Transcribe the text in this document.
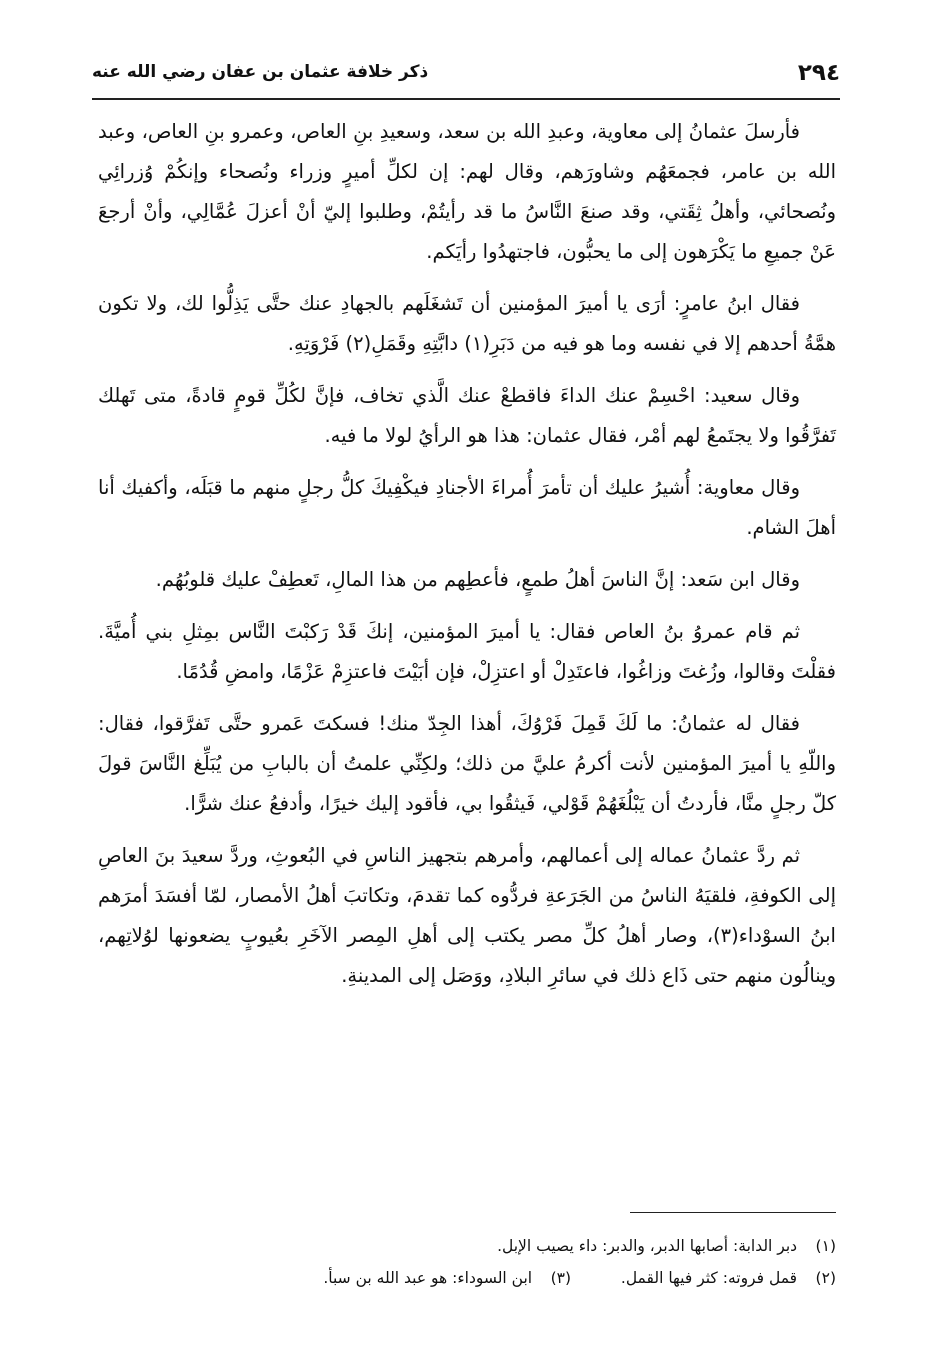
٢٩٤
ذكر خلافة عثمان بن عفان رضي الله عنه

فأرسلَ عثمانُ إلى معاوية، وعبدِ الله بن سعد، وسعيدِ بنِ العاص، وعمرو بنِ العاص، وعبد الله بن عامر، فجمعَهُم وشاورَهم، وقال لهم: إن لكلِّ أميرٍ وزراء ونُصحاء وإنكُمْ وُزرائِي ونُصحائي، وأهلُ ثِقَتي، وقد صنعَ النَّاسُ ما قد رأيتُمْ، وطلبوا إليّ أنْ أعزلَ عُمَّالِي، وأنْ أرجعَ عَنْ جميعِ ما يَكْرَهون إلى ما يحبُّون، فاجتهدُوا رأيَكم.

فقال ابنُ عامرٍ: أرَى يا أميرَ المؤمنين أن تَشغَلَهم بالجهادِ عنك حتَّى يَذِلُّوا لك، ولا تكون همَّةُ أحدهم إلا في نفسه وما هو فيه من دَبَرِ(١) دابَّتِهِ وقَمَلِ(٢) فَرْوَتِهِ.

وقال سعيد: احْسِمْ عنك الداءَ فاقطعْ عنك الَّذي تخاف، فإنَّ لكُلِّ قومٍ قادةً، متى تَهلك تَفرَّقُوا ولا يجتَمعُ لهم أمْر، فقال عثمان: هذا هو الرأيُ لولا ما فيه.

وقال معاوية: أُشيرُ عليك أن تأمرَ أُمراءَ الأجنادِ فيكْفِيكَ كلُّ رجلٍ منهم ما قبَلَه، وأكفيك أنا أهلَ الشام.

وقال ابن سَعد: إنَّ الناسَ أهلُ طمعٍ، فأعطِهم من هذا المالِ، تَعطِفْ عليك قلوبُهُم.

ثم قام عمروُ بنُ العاص فقال: يا أميرَ المؤمنين، إنكَ قَدْ رَكبْتَ النَّاس بمِثلِ بني أُميَّةَ. فقلْتَ وقالوا، وزُغتَ وزاغُوا، فاعتَدِلْ أو اعتزِلْ، فإن أبَيْتَ فاعتزِمْ عَزْمًا، وامضِ قُدُمًا.

فقال له عثمانُ: ما لَكَ قَمِلَ فَرْوُكَ، أهذا الجِدّ منك! فسكتَ عَمرو حتَّى تَفرَّقوا، فقال: واللّهِ يا أميرَ المؤمنين لأنت أكرمُ عليَّ من ذلك؛ ولكِنِّي علمتُ أن بالبابِ من يُبَلِّغ النَّاسَ قولَ كلّ رجلٍ منَّا، فأردتُ أن يَبْلُغَهُمْ قَوْلي، فَيثقُوا بي، فأقود إليك خيرًا، وأدفعُ عنك شرًّا.

ثم ردَّ عثمانُ عماله إلى أعمالهم، وأمرهم بتجهيز الناسِ في البُعوثِ، وردَّ سعيدَ بنَ العاصِ إلى الكوفةِ، فلقيَهُ الناسُ من الجَرَعةِ فردُّوه كما تقدمَ، وتكاتبَ أهلُ الأمصار، لمّا أفسَدَ أمرَهم ابنُ السوْداء(٣)، وصار أهلُ كلِّ مصر يكتب إلى أهلِ المِصر الآخَرِ بعُيوبٍ يضعونها لوُلاتِهم، وينالُون منهم حتى ذَاع ذلك في سائرِ البلادِ، ووَصَل إلى المدينةِ.

(١) دبر الدابة: أصابها الدبر، والدبر: داء يصيب الإبل.
(٢) قمل فروته: كثر فيها القمل.  (٣) ابن السوداء: هو عبد الله بن سبأ.
